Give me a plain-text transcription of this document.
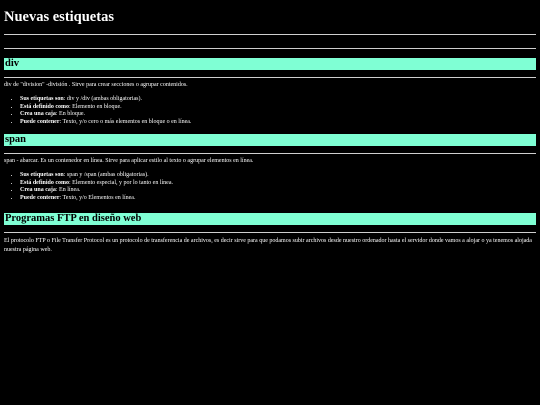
Nuevas estiquetas
div

div de "division" -división . Sirve para crear secciones o agrupar contenidos.

• Sus etiquetas son: div y /div (ambas obligatorias).
• Está definido como: Elemento en bloque.
• Crea una caja: En bloque.
• Puede contener: Texto, y/o cero o más elementos en bloque o en línea.
span

span - abarcar. Es un contenedor en línea. Sirve para aplicar estilo al texto o agrupar elementos en línea.

• Sus etiquetas son: span y /span (ambas obligatorias).
• Está definido como: Elemento especial, y por lo tanto en línea.
• Crea una caja: En línea.
• Puede contener: Texto, y/o Elementos en línea.
Programas FTP en diseño web

El protocolo FTP o File Transfer Protocol es un protocolo de transferencia de archivos, es decir sirve para que podamos subir archivos desde nuestro ordenador hasta el servidor donde vamos a alojar o ya tenemos alojada nuestra página web.
